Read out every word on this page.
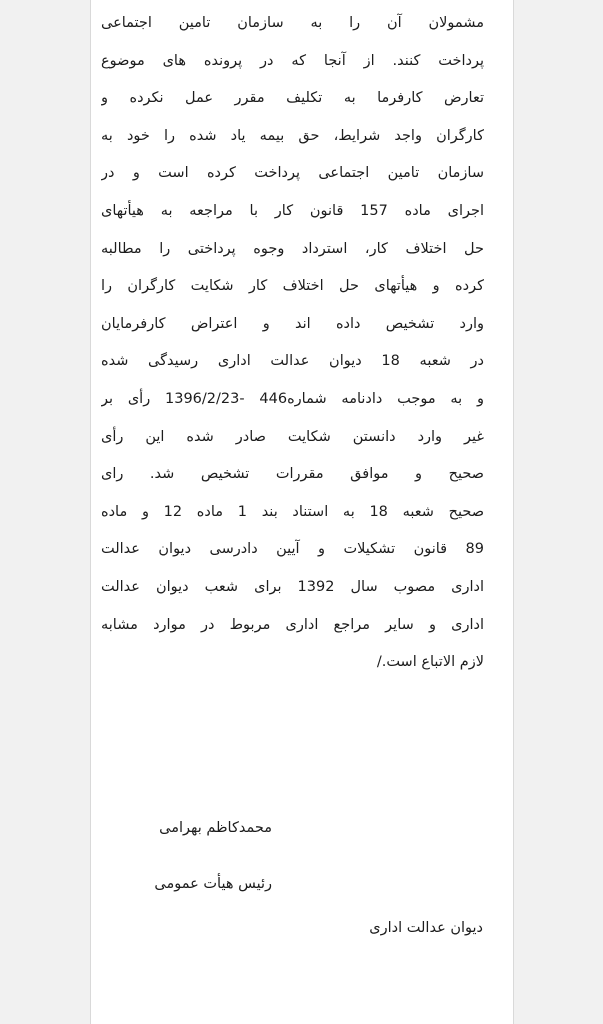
مشمولان آن را به سازمان تامین اجتماعی
پرداخت کنند. از آنجا که در پرونده های موضوع
تعارض کارفرما به تکلیف مقرر عمل نکرده و
کارگران واجد شرایط، حق بیمه یاد شده را خود به
سازمان تامین اجتماعی پرداخت کرده است و در
اجرای ماده 157 قانون کار با مراجعه به هیأتهای
حل اختلاف کار، استرداد وجوه پرداختی را مطالبه
کرده و هیأتهای حل اختلاف کار شکایت کارگران را
وارد تشخیص داده اند و اعتراض کارفرمایان
در شعبه 18 دیوان عدالت اداری رسیدگی شده
و به موجب دادنامه شماره446 -1396/2/23 رأی بر
غیر وارد دانستن شکایت صادر شده این رأی
صحیح و موافق مقررات تشخیص شد. رای
صحیح شعبه 18 به استناد بند 1 ماده 12 و ماده
89 قانون تشکیلات و آیین دادرسی دیوان عدالت
اداری مصوب سال 1392 برای شعب دیوان عدالت
اداری و سایر مراجع اداری مربوط در موارد مشابه
لازم الاتباع است./
محمدکاظم بهرامی
رئیس هیأت عمومی
دیوان عدالت اداری
